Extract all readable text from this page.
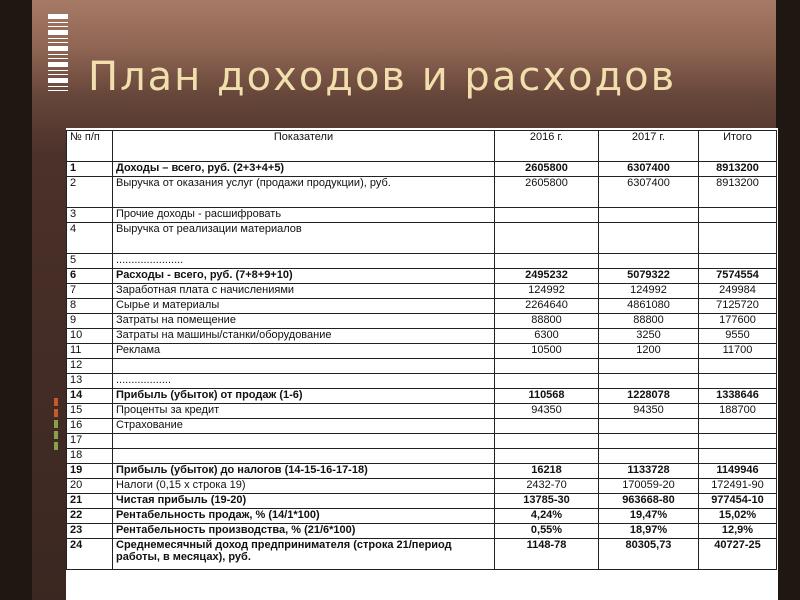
План доходов и расходов
№ п/п	Показатели	2016 г.	2017 г.	Итого
1	Доходы – всего, руб. (2+3+4+5)	2605800	6307400	8913200
2	Выручка от оказания услуг (продажи продукции), руб.	2605800	6307400	8913200
3	Прочие доходы - расшифровать			
4	Выручка от реализации материалов			
5	......................			
6	Расходы - всего, руб. (7+8+9+10)	2495232	5079322	7574554
7	Заработная плата с начислениями	124992	124992	249984
8	Сырье и материалы	2264640	4861080	7125720
9	Затраты на помещение	88800	88800	177600
10	Затраты на машины/станки/оборудование	6300	3250	9550
11	Реклама	10500	1200	11700
12				
13	..................			
14	Прибыль (убыток) от продаж (1-6)	110568	1228078	1338646
15	Проценты за кредит	94350	94350	188700
16	Страхование			
17				
18				
19	Прибыль (убыток) до налогов (14-15-16-17-18)	16218	1133728	1149946
20	Налоги (0,15 х строка 19)	2432-70	170059-20	172491-90
21	Чистая прибыль (19-20)	13785-30	963668-80	977454-10
22	Рентабельность продаж, % (14/1*100)	4,24%	19,47%	15,02%
23	Рентабельность производства, % (21/6*100)	0,55%	18,97%	12,9%
24	Среднемесячный доход предпринимателя (строка 21/период работы, в месяцах), руб.	1148-78	80305,73	40727-25
